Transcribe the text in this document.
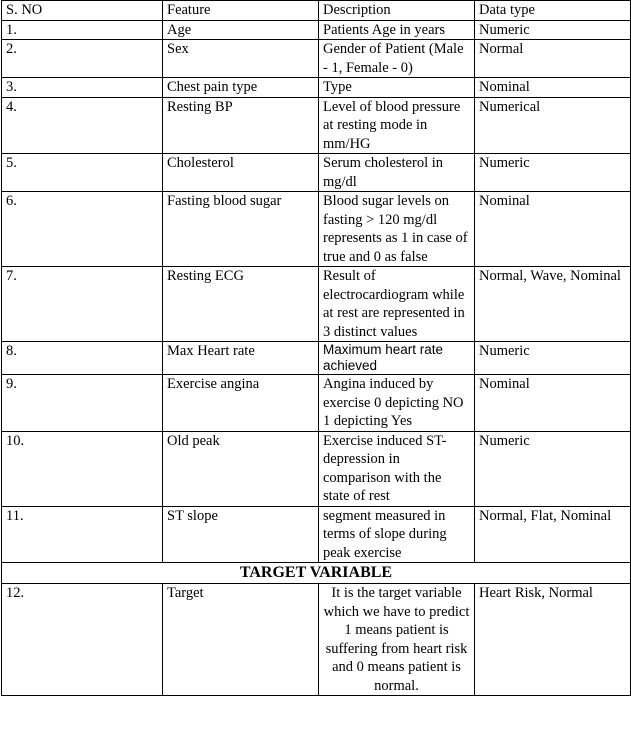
S. NO	Feature	Description	Data type
1.	Age	Patients Age in years	Numeric
2.	Sex	Gender of Patient (Male - 1, Female - 0)	Normal
3.	Chest pain type	Type	Nominal
4.	Resting BP	Level of blood pressure at resting mode in mm/HG	Numerical
5.	Cholesterol	Serum cholesterol in mg/dl	Numeric
6.	Fasting blood sugar	Blood sugar levels on fasting > 120 mg/dl represents as 1 in case of true and 0 as false	Nominal
7.	Resting ECG	Result of electrocardiogram while at rest are represented in 3 distinct values	Normal, Wave, Nominal
8.	Max Heart rate	Maximum heart rate achieved	Numeric
9.	Exercise angina	Angina induced by exercise 0 depicting NO 1 depicting Yes	Nominal
10.	Old peak	Exercise induced ST-depression in comparison with the state of rest	Numeric
11.	ST slope	segment measured in terms of slope during peak exercise	Normal, Flat, Nominal
TARGET VARIABLE			
12.	Target	It is the target variable which we have to predict 1 means patient is suffering from heart risk and 0 means patient is normal.	Heart Risk, Normal
